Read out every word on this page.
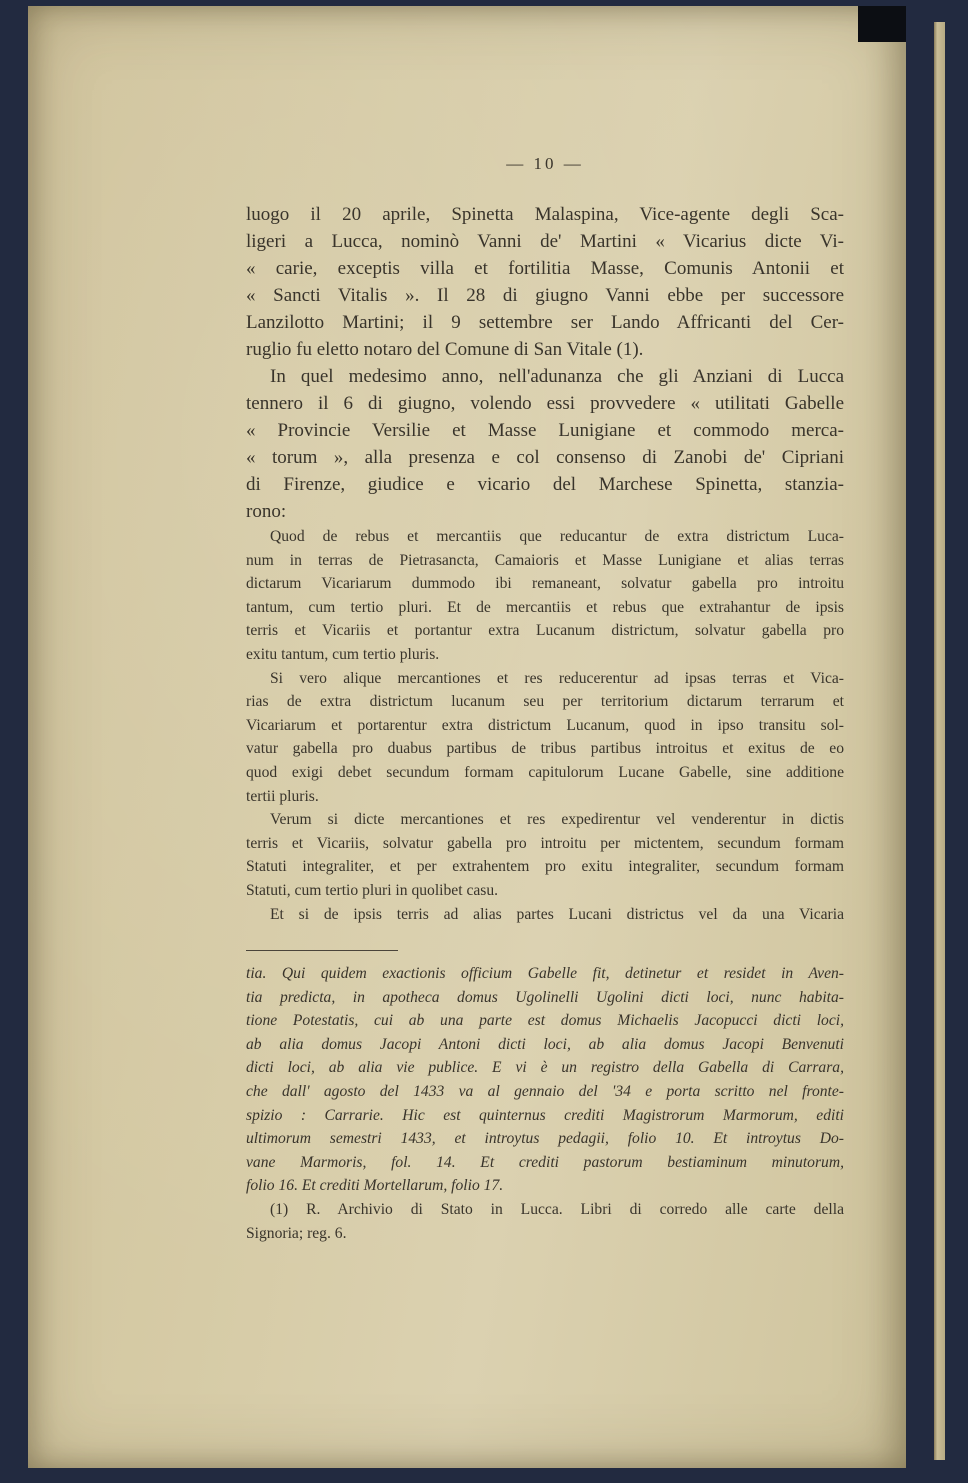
— 10 —
luogo il 20 aprile, Spinetta Malaspina, Vice-agente degli Sca-
ligeri a Lucca, nominò Vanni de' Martini « Vicarius dicte Vi-
« carie, exceptis villa et fortilitia Masse, Comunis Antonii et
« Sancti Vitalis ». Il 28 di giugno Vanni ebbe per successore
Lanzilotto Martini; il 9 settembre ser Lando Affricanti del Cer-
ruglio fu eletto notaro del Comune di San Vitale (1).
In quel medesimo anno, nell'adunanza che gli Anziani di Lucca
tennero il 6 di giugno, volendo essi provvedere « utilitati Gabelle
« Provincie Versilie et Masse Lunigiane et commodo merca-
« torum », alla presenza e col consenso di Zanobi de' Cipriani
di Firenze, giudice e vicario del Marchese Spinetta, stanzia-
rono:
Quod de rebus et mercantiis que reducantur de extra districtum Luca-
num in terras de Pietrasancta, Camaioris et Masse Lunigiane et alias terras
dictarum Vicariarum dummodo ibi remaneant, solvatur gabella pro introitu
tantum, cum tertio pluri. Et de mercantiis et rebus que extrahantur de ipsis
terris et Vicariis et portantur extra Lucanum districtum, solvatur gabella pro
exitu tantum, cum tertio pluris.
Si vero alique mercantiones et res reducerentur ad ipsas terras et Vica-
rias de extra districtum lucanum seu per territorium dictarum terrarum et
Vicariarum et portarentur extra districtum Lucanum, quod in ipso transitu sol-
vatur gabella pro duabus partibus de tribus partibus introitus et exitus de eo
quod exigi debet secundum formam capitulorum Lucane Gabelle, sine additione
tertii pluris.
Verum si dicte mercantiones et res expedirentur vel venderentur in dictis
terris et Vicariis, solvatur gabella pro introitu per mictentem, secundum formam
Statuti integraliter, et per extrahentem pro exitu integraliter, secundum formam
Statuti, cum tertio pluri in quolibet casu.
Et si de ipsis terris ad alias partes Lucani districtus vel da una Vicaria
tia. Qui quidem exactionis officium Gabelle fit, detinetur et residet in Aven-
tia predicta, in apotheca domus Ugolinelli Ugolini dicti loci, nunc habita-
tione Potestatis, cui ab una parte est domus Michaelis Jacopucci dicti loci,
ab alia domus Jacopi Antoni dicti loci, ab alia domus Jacopi Benvenuti
dicti loci, ab alia vie publice. E vi è un registro della Gabella di Carrara,
che dall' agosto del 1433 va al gennaio del '34 e porta scritto nel fronte-
spizio : Carrarie. Hic est quinternus crediti Magistrorum Marmorum, editi
ultimorum semestri 1433, et introytus pedagii, folio 10. Et introytus Do-
vane Marmoris, fol. 14. Et crediti pastorum bestiaminum minutorum,
folio 16. Et crediti Mortellarum, folio 17.
(1) R. Archivio di Stato in Lucca. Libri di corredo alle carte della
Signoria; reg. 6.
